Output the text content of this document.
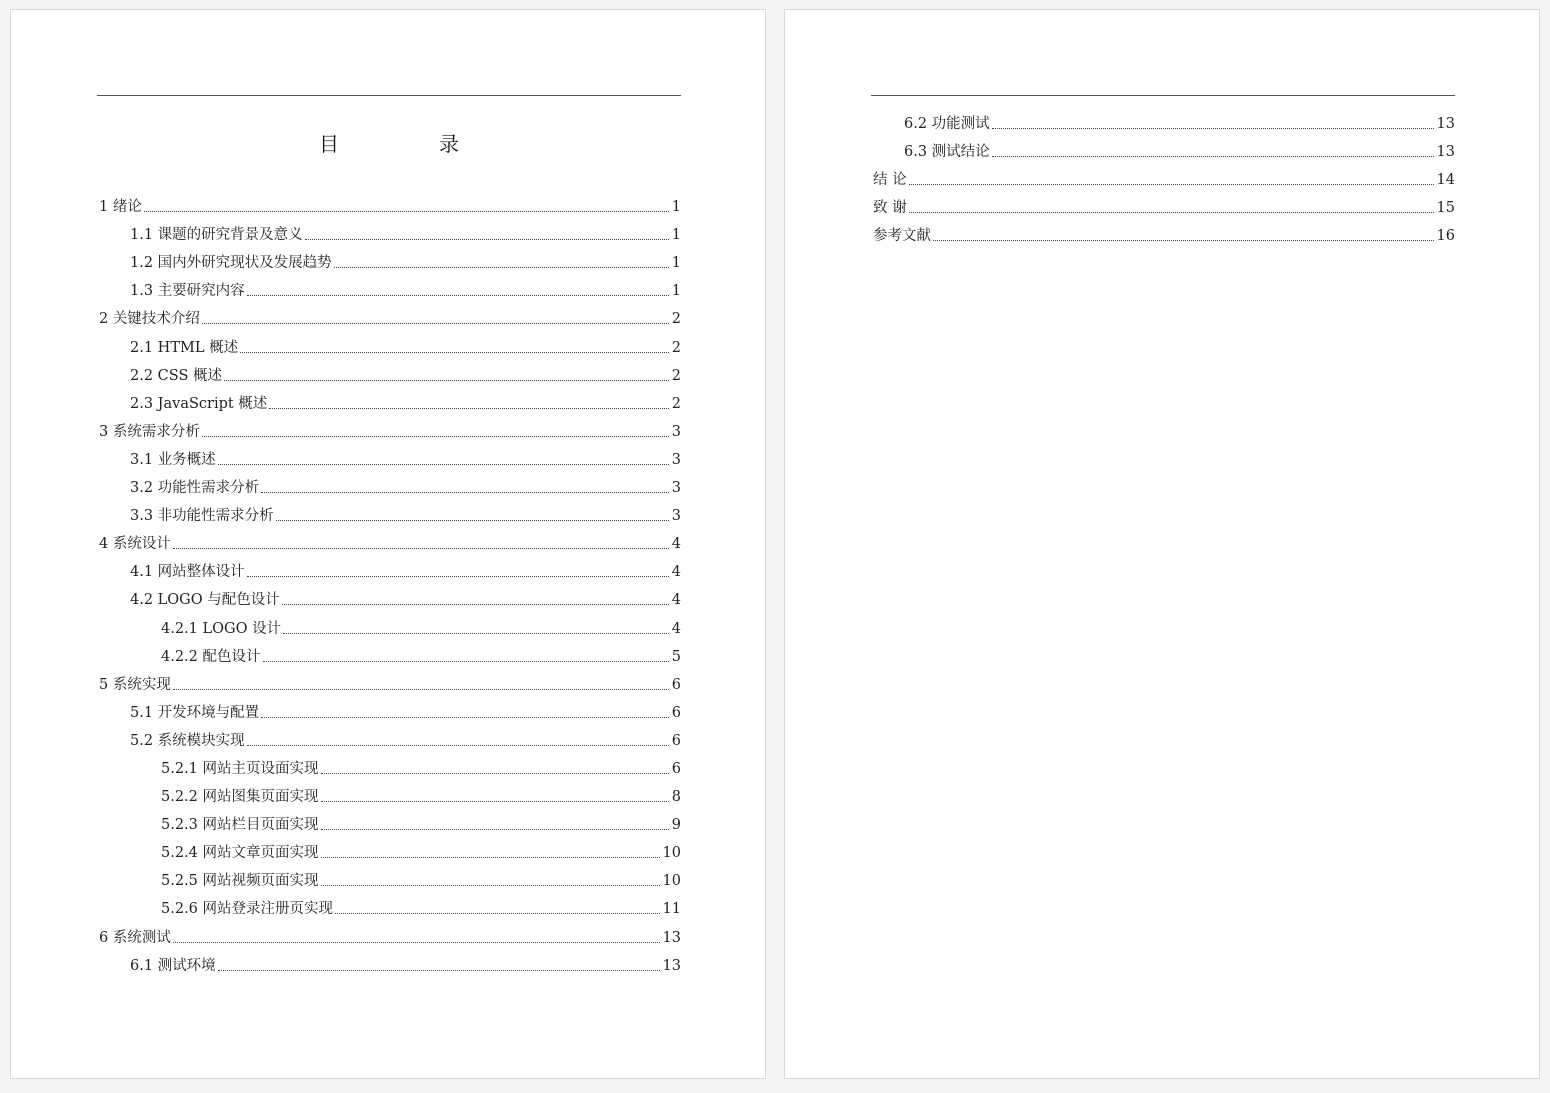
目　录
1 绪论	1
1.1 课题的研究背景及意义	1
1.2 国内外研究现状及发展趋势	1
1.3 主要研究内容	1
2 关键技术介绍	2
2.1 HTML 概述	2
2.2 CSS 概述	2
2.3 JavaScript 概述	2
3 系统需求分析	3
3.1 业务概述	3
3.2 功能性需求分析	3
3.3 非功能性需求分析	3
4 系统设计	4
4.1 网站整体设计	4
4.2 LOGO 与配色设计	4
4.2.1 LOGO 设计	4
4.2.2 配色设计	5
5 系统实现	6
5.1 开发环境与配置	6
5.2 系统模块实现	6
5.2.1 网站主页设面实现	6
5.2.2 网站图集页面实现	8
5.2.3 网站栏目页面实现	9
5.2.4 网站文章页面实现	10
5.2.5 网站视频页面实现	10
5.2.6 网站登录注册页实现	11
6 系统测试	13
6.1 测试环境	13
6.2 功能测试	13
6.3 测试结论	13
结 论	14
致 谢	15
参考文献	16
